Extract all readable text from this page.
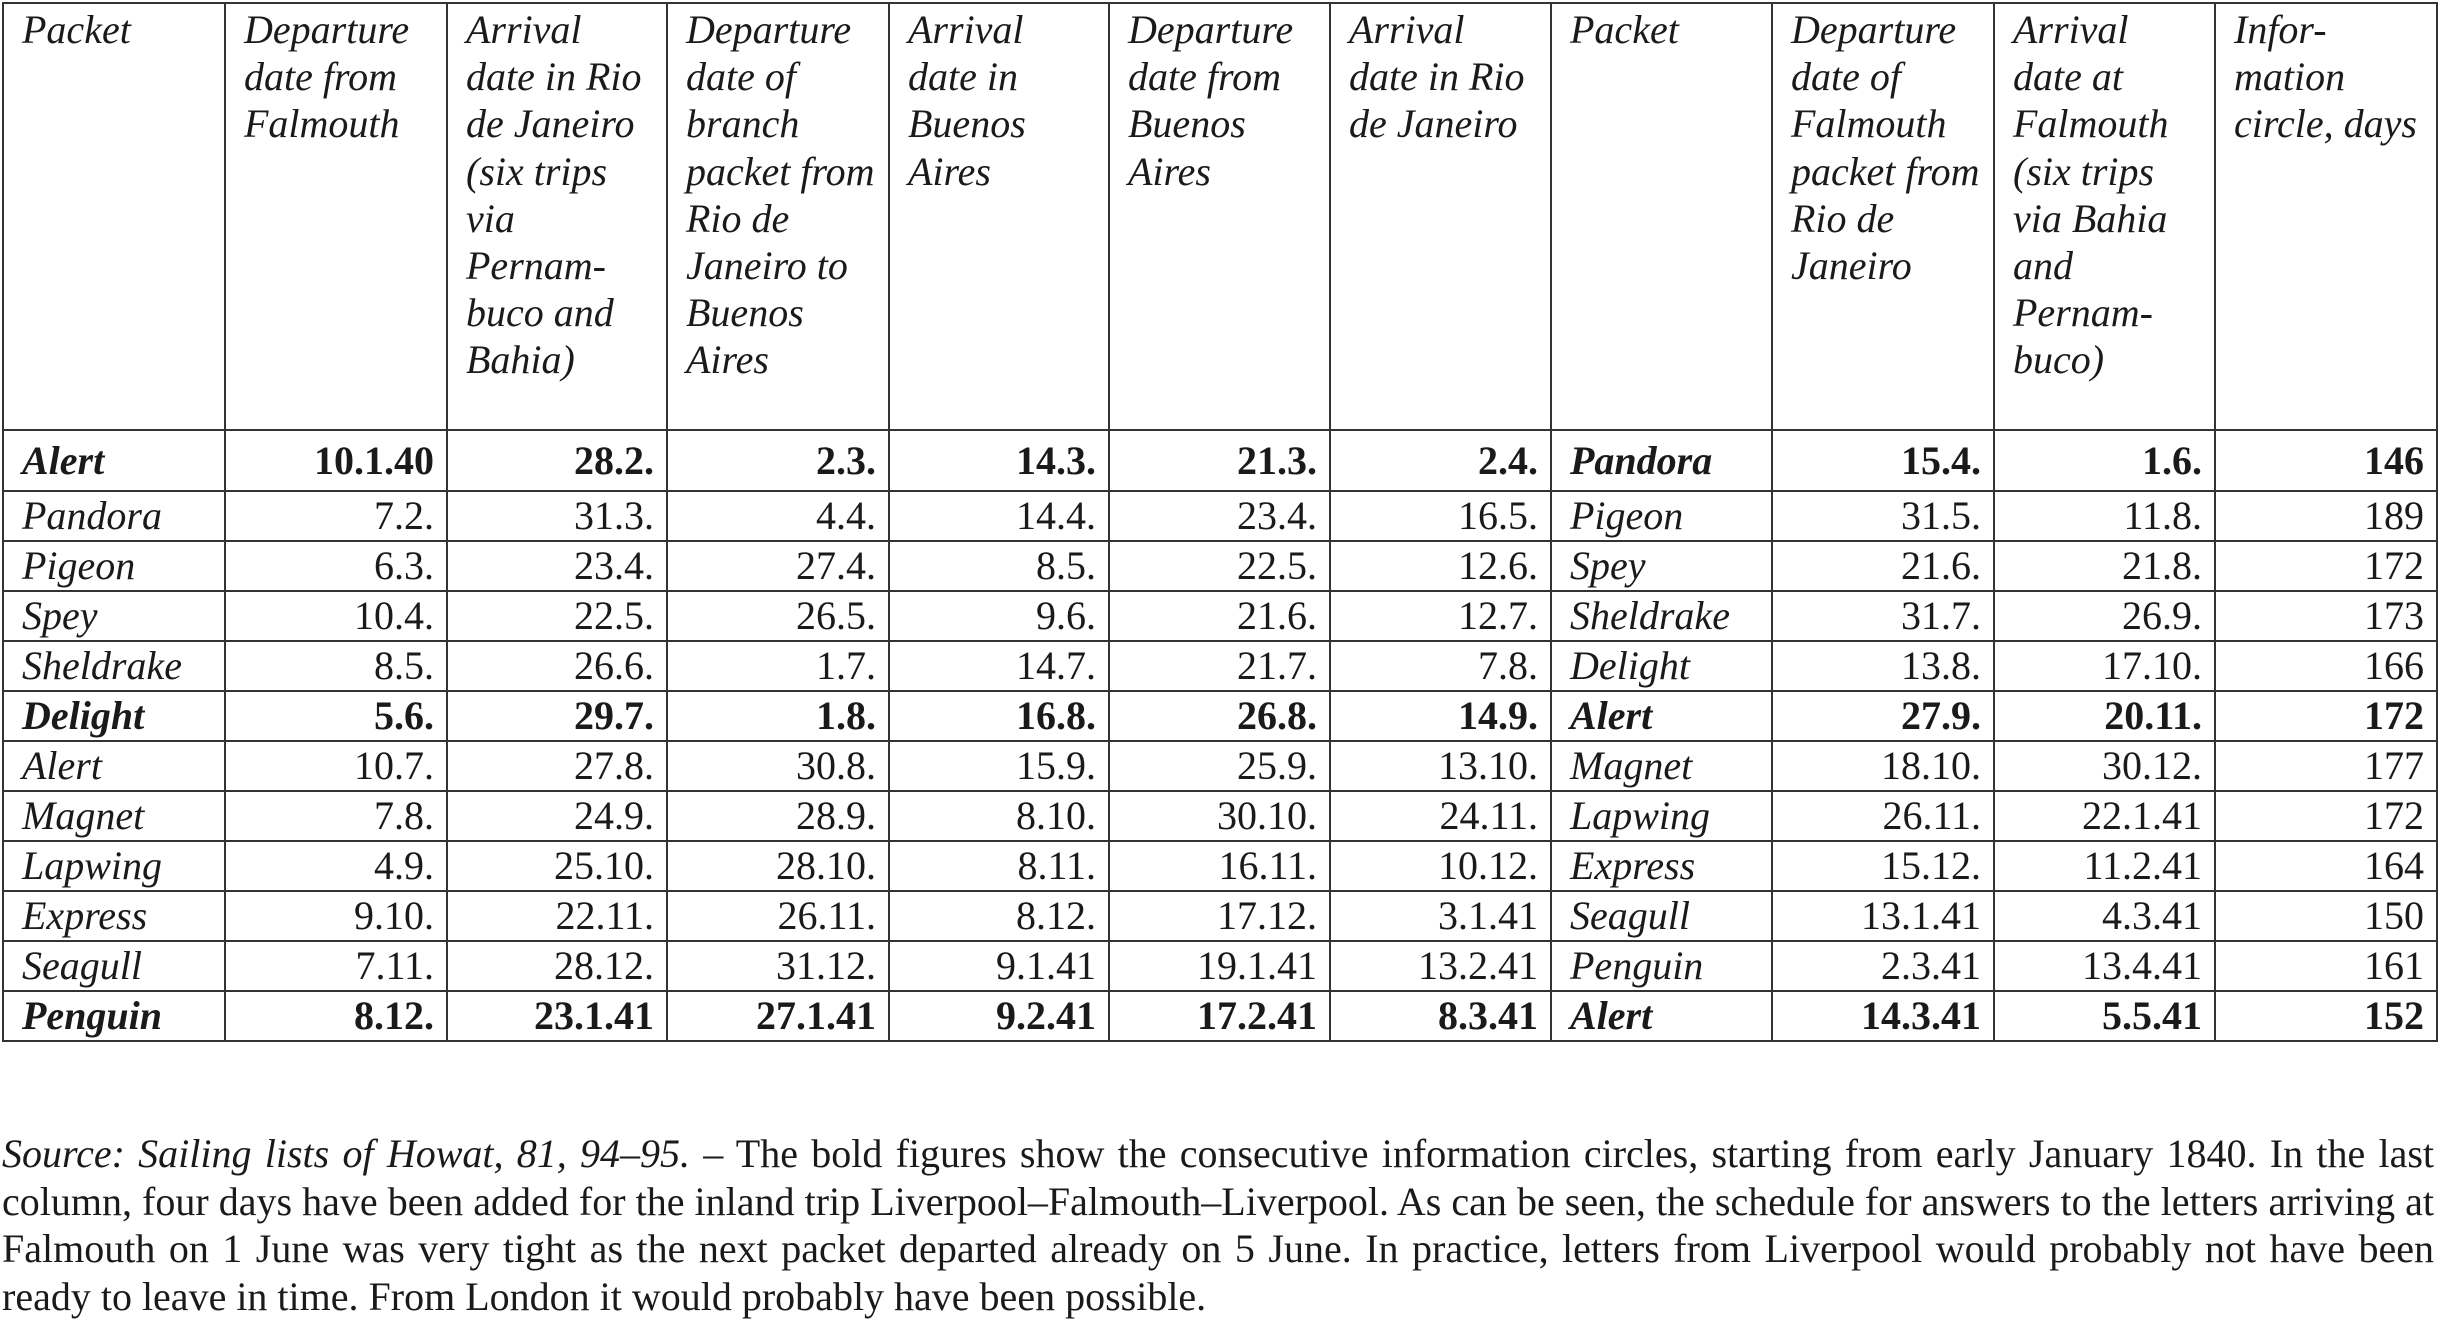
Packet	Departure date from Falmouth	Arrival date in Rio de Janeiro (six trips via Pernam-buco and Bahia)	Departure date of branch packet from Rio de Janeiro to Buenos Aires	Arrival date in Buenos Aires	Departure date from Buenos Aires	Arrival date in Rio de Janeiro	Packet	Departure date of Falmouth packet from Rio de Janeiro	Arrival date at Falmouth (six trips via Bahia and Pernam-buco)	Infor-mation circle, days
Alert	10.1.40	28.2.	2.3.	14.3.	21.3.	2.4.	Pandora	15.4.	1.6.	146
Pandora	7.2.	31.3.	4.4.	14.4.	23.4.	16.5.	Pigeon	31.5.	11.8.	189
Pigeon	6.3.	23.4.	27.4.	8.5.	22.5.	12.6.	Spey	21.6.	21.8.	172
Spey	10.4.	22.5.	26.5.	9.6.	21.6.	12.7.	Sheldrake	31.7.	26.9.	173
Sheldrake	8.5.	26.6.	1.7.	14.7.	21.7.	7.8.	Delight	13.8.	17.10.	166
Delight	5.6.	29.7.	1.8.	16.8.	26.8.	14.9.	Alert	27.9.	20.11.	172
Alert	10.7.	27.8.	30.8.	15.9.	25.9.	13.10.	Magnet	18.10.	30.12.	177
Magnet	7.8.	24.9.	28.9.	8.10.	30.10.	24.11.	Lapwing	26.11.	22.1.41	172
Lapwing	4.9.	25.10.	28.10.	8.11.	16.11.	10.12.	Express	15.12.	11.2.41	164
Express	9.10.	22.11.	26.11.	8.12.	17.12.	3.1.41	Seagull	13.1.41	4.3.41	150
Seagull	7.11.	28.12.	31.12.	9.1.41	19.1.41	13.2.41	Penguin	2.3.41	13.4.41	161
Penguin	8.12.	23.1.41	27.1.41	9.2.41	17.2.41	8.3.41	Alert	14.3.41	5.5.41	152

Source: Sailing lists of Howat, 81, 94–95. – The bold figures show the consecutive information circles, starting from early January 1840. In the last column, four days have been added for the inland trip Liverpool–Falmouth–Liverpool. As can be seen, the schedule for answers to the letters arriving at Falmouth on 1 June was very tight as the next packet departed already on 5 June. In practice, letters from Liverpool would probably not have been ready to leave in time. From London it would probably have been possible.
